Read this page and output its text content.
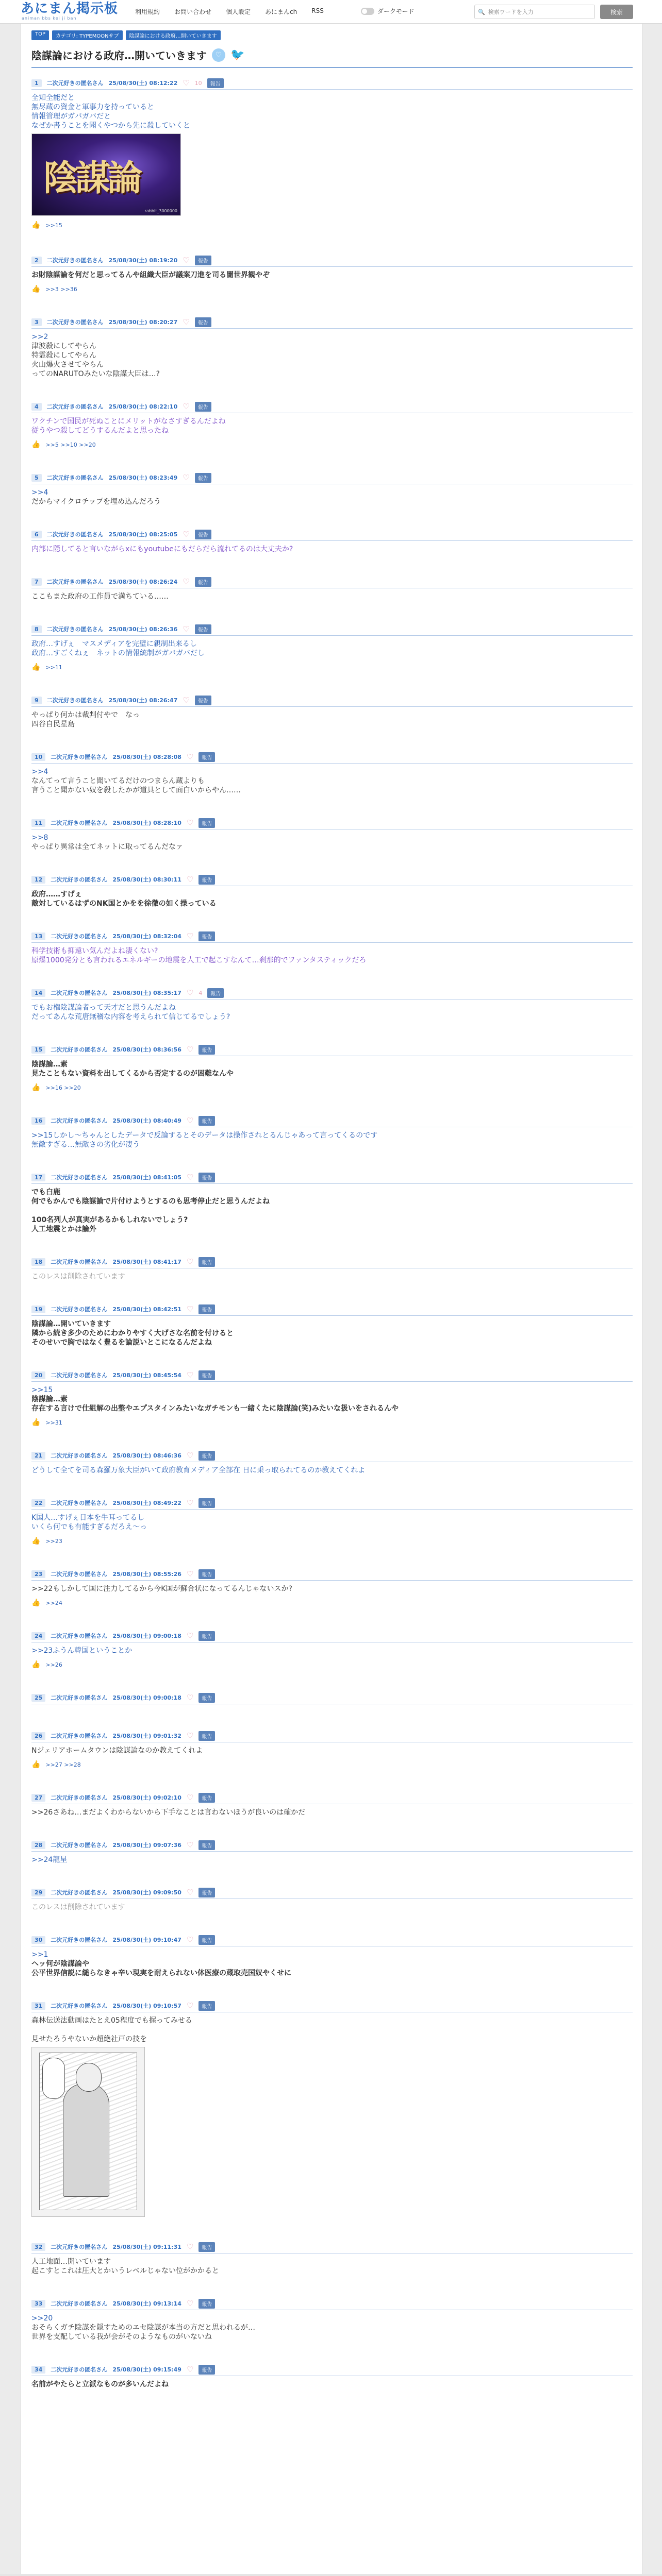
あにまん掲示板
animan bbs kei ji ban
利用規約 お問い合わせ 個人設定 あにまんch RSS	ダークモード	🔍 検索ワードを入力	検索
TOP	カテゴリ: TYPEMOONサブ	陰謀論における政府…開いていきます
陰謀論における政府…開いていきます	♡ 🐦
1	二次元好きの匿名さん 25/08/30(土) 08:12:22 ♡ 10	報告
全知全能だと
無尽蔵の資金と軍事力を持っていると
情報管理がガバガバだと
なぜか書うことを聞くやつから先に殺していくと
陰謀論
rabbit_3000000
👍 >>15
2	二次元好きの匿名さん 25/08/30(土) 08:19:20 ♡	報告
お財陰謀論を何だと思ってるんや組織大臣が議案刀進を司る闇世界観やぞ
👍 >>3 >>36
3	二次元好きの匿名さん 25/08/30(土) 08:20:27 ♡	報告
>>2
津波殺にしてやらん
特霊殺にしてやらん
火山爆火させてやらん
ってのNARUTOみたいな陰謀大臣は…?
4	二次元好きの匿名さん 25/08/30(土) 08:22:10 ♡	報告
ワクチンで国民が死ぬことにメリットがなさすぎるんだよね
従うやつ殺してどうするんだよと思ったね
👍 >>5 >>10 >>20
5	二次元好きの匿名さん 25/08/30(土) 08:23:49 ♡	報告
>>4
だからマイクロチップを埋め込んだろう
6	二次元好きの匿名さん 25/08/30(土) 08:25:05 ♡	報告
内部に隠してると言いながらxにもyoutubeにもだらだら流れてるのは大丈夫か?
7	二次元好きの匿名さん 25/08/30(土) 08:26:24 ♡	報告
ここもまた政府の工作員で満ちている……
8	二次元好きの匿名さん 25/08/30(土) 08:26:36 ♡	報告
政府…すげぇ　マスメディアを完璧に親制出来るし
政府…すごくねぇ　ネットの情報統制がガバガバだし
👍 >>11
9	二次元好きの匿名さん 25/08/30(土) 08:26:47 ♡	報告
やっぱり何かは裁判付やで　なっ
四谷自民星島
10	二次元好きの匿名さん 25/08/30(土) 08:28:08 ♡	報告
>>4
なんてって言うこと聞いてるだけのつまらん蔵よりも
言うこと聞かない奴を殺したかが道具として面白いからやん……
11	二次元好きの匿名さん 25/08/30(土) 08:28:10 ♡	報告
>>8
やっぱり異常は全てネットに取ってるんだなァ
12	二次元好きの匿名さん 25/08/30(土) 08:30:11 ♡	報告
政府……すげぇ
敵対しているはずのNK国とかをを徐徹の如く操っている
13	二次元好きの匿名さん 25/08/30(土) 08:32:04 ♡	報告
科学技術も抑遠い気んだよね凄くない?
原爆1000発分とも言われるエネルギーの地震を人工で起こすなんて…刹那的でファンタスティックだろ
14	二次元好きの匿名さん 25/08/30(土) 08:35:17 ♡ 4	報告
でもお権陰謀論者って天才だと思うんだよね
だってあんな荒唐無稽な内容を考えられて信じてるでしょう?
15	二次元好きの匿名さん 25/08/30(土) 08:36:56 ♡	報告
陰謀論…素
見たこともない資料を出してくるから否定するのが困難なんや
👍 >>16 >>20
16	二次元好きの匿名さん 25/08/30(土) 08:40:49 ♡	報告
>>15しかし〜ちゃんとしたデータで反論するとそのデータは操作されとるんじゃあって言ってくるのです
無敵すぎる…無敵さの劣化が凄う
17	二次元好きの匿名さん 25/08/30(土) 08:41:05 ♡	報告
でも白鹿
何でもかんでも陰謀論で片付けようとするのも思考停止だと思うんだよね

100名列人が真実があるかもしれないでしょう?
人工地震とかは論外
18	二次元好きの匿名さん 25/08/30(土) 08:41:17 ♡	報告
このレスは削除されています
19	二次元好きの匿名さん 25/08/30(土) 08:42:51 ♡	報告
陰謀論…開いていきます
隣から続き多少のためにわかりやすく大げさな名前を付けると
そのせいで胸ではなく豊るを論説いとこになるんだよね
20	二次元好きの匿名さん 25/08/30(土) 08:45:54 ♡	報告
>>15
陰謀論…素
存在する言けで仕組解の出整やエプスタインみたいなガチモンも一緒くたに陰謀論(笑)みたいな扱いをされるんや
👍 >>31
21	二次元好きの匿名さん 25/08/30(土) 08:46:36 ♡	報告
どうして全てを司る森羅万象大臣がいて政府教育メディア全部在 日に乗っ取られてるのか教えてくれよ
22	二次元好きの匿名さん 25/08/30(土) 08:49:22 ♡	報告
K国人…すげぇ日本を牛耳ってるし
いくら何でも有能すぎるだろえ〜っ
👍 >>23
23	二次元好きの匿名さん 25/08/30(土) 08:55:26 ♡	報告
>>22もしかして国に注力してるから今K国が蘇合状になってるんじゃないスか?
👍 >>24
24	二次元好きの匿名さん 25/08/30(土) 09:00:18 ♡	報告
>>23ふうん韓国ということか
👍 >>26
25	二次元好きの匿名さん 25/08/30(土) 09:00:18 ♡	報告
26	二次元好きの匿名さん 25/08/30(土) 09:01:32 ♡	報告
Nジェリアホームタウンは陰謀論なのか教えてくれよ
👍 >>27 >>28
27	二次元好きの匿名さん 25/08/30(土) 09:02:10 ♡	報告
>>26さあね…まだよくわからないから下手なことは言わないほうが良いのは確かだ
28	二次元好きの匿名さん 25/08/30(土) 09:07:36 ♡	報告
>>24龍星
29	二次元好きの匿名さん 25/08/30(土) 09:09:50 ♡	報告
このレスは削除されています
30	二次元好きの匿名さん 25/08/30(土) 09:10:47 ♡	報告
>>1
ヘッ何が陰謀論や
公平世界信説に縋らなきゃ辛い現実を耐えられない体医療の蔵取売国奴やくせに
31	二次元好きの匿名さん 25/08/30(土) 09:10:57 ♡	報告
森林伝送法動画はたとえ05程度でも握ってみせる

見せたろうやないか超絶社戸の技を
32	二次元好きの匿名さん 25/08/30(土) 09:11:31 ♡	報告
人工地面…開いています
起こすとこれは圧大とかいうレベルじゃない位がかかると
33	二次元好きの匿名さん 25/08/30(土) 09:13:14 ♡	報告
>>20
おそらくガチ陰謀を隠すためのエセ陰謀が本当の方だと思われるが…
世界を支配している我が会がそのようなものがいないね
34	二次元好きの匿名さん 25/08/30(土) 09:15:49 ♡	報告
名前がやたらと立派なものが多いんだよね
